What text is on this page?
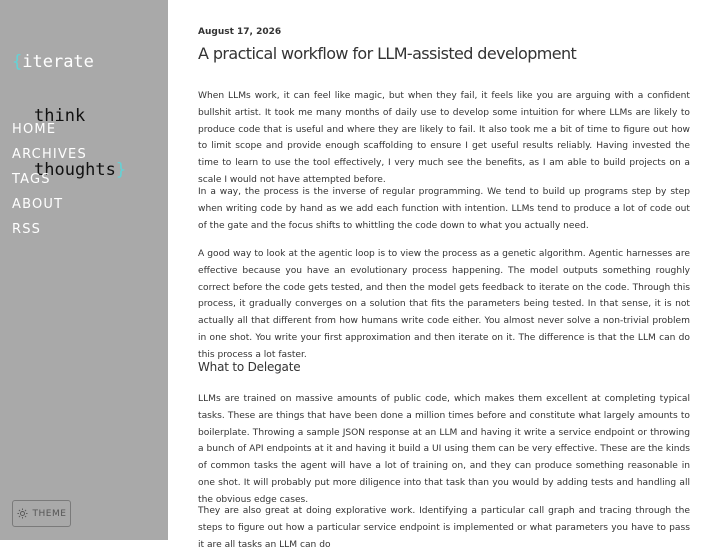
{iterate

think

thoughts}

HOME
ARCHIVES
TAGS
ABOUT
RSS
THEME
August 17, 2026
A practical workflow for LLM-assisted development

When LLMs work, it can feel like magic, but when they fail, it feels like you are arguing with a confident bullshit artist. It took me many months of daily use to develop some intuition for where LLMs are likely to produce code that is useful and where they are likely to fail. It also took me a bit of time to figure out how to limit scope and provide enough scaffolding to ensure I get useful results reliably. Having invested the time to learn to use the tool effectively, I very much see the benefits, as I am able to build projects on a scale I would not have attempted before.

In a way, the process is the inverse of regular programming. We tend to build up programs step by step when writing code by hand as we add each function with intention. LLMs tend to produce a lot of code out of the gate and the focus shifts to whittling the code down to what you actually need.

A good way to look at the agentic loop is to view the process as a genetic algorithm. Agentic harnesses are effective because you have an evolutionary process happening. The model outputs something roughly correct before the code gets tested, and then the model gets feedback to iterate on the code. Through this process, it gradually converges on a solution that fits the parameters being tested. In that sense, it is not actually all that different from how humans write code either. You almost never solve a non-trivial problem in one shot. You write your first approximation and then iterate on it. The difference is that the LLM can do this process a lot faster.

What to Delegate

LLMs are trained on massive amounts of public code, which makes them excellent at completing typical tasks. These are things that have been done a million times before and constitute what largely amounts to boilerplate. Throwing a sample JSON response at an LLM and having it write a service endpoint or throwing a bunch of API endpoints at it and having it build a UI using them can be very effective. These are the kinds of common tasks the agent will have a lot of training on, and they can produce something reasonable in one shot. It will probably put more diligence into that task than you would by adding tests and handling all the obvious edge cases.

They are also great at doing explorative work. Identifying a particular call graph and tracing through the steps to figure out how a particular service endpoint is implemented or what parameters you have to pass it are all tasks an LLM can do
